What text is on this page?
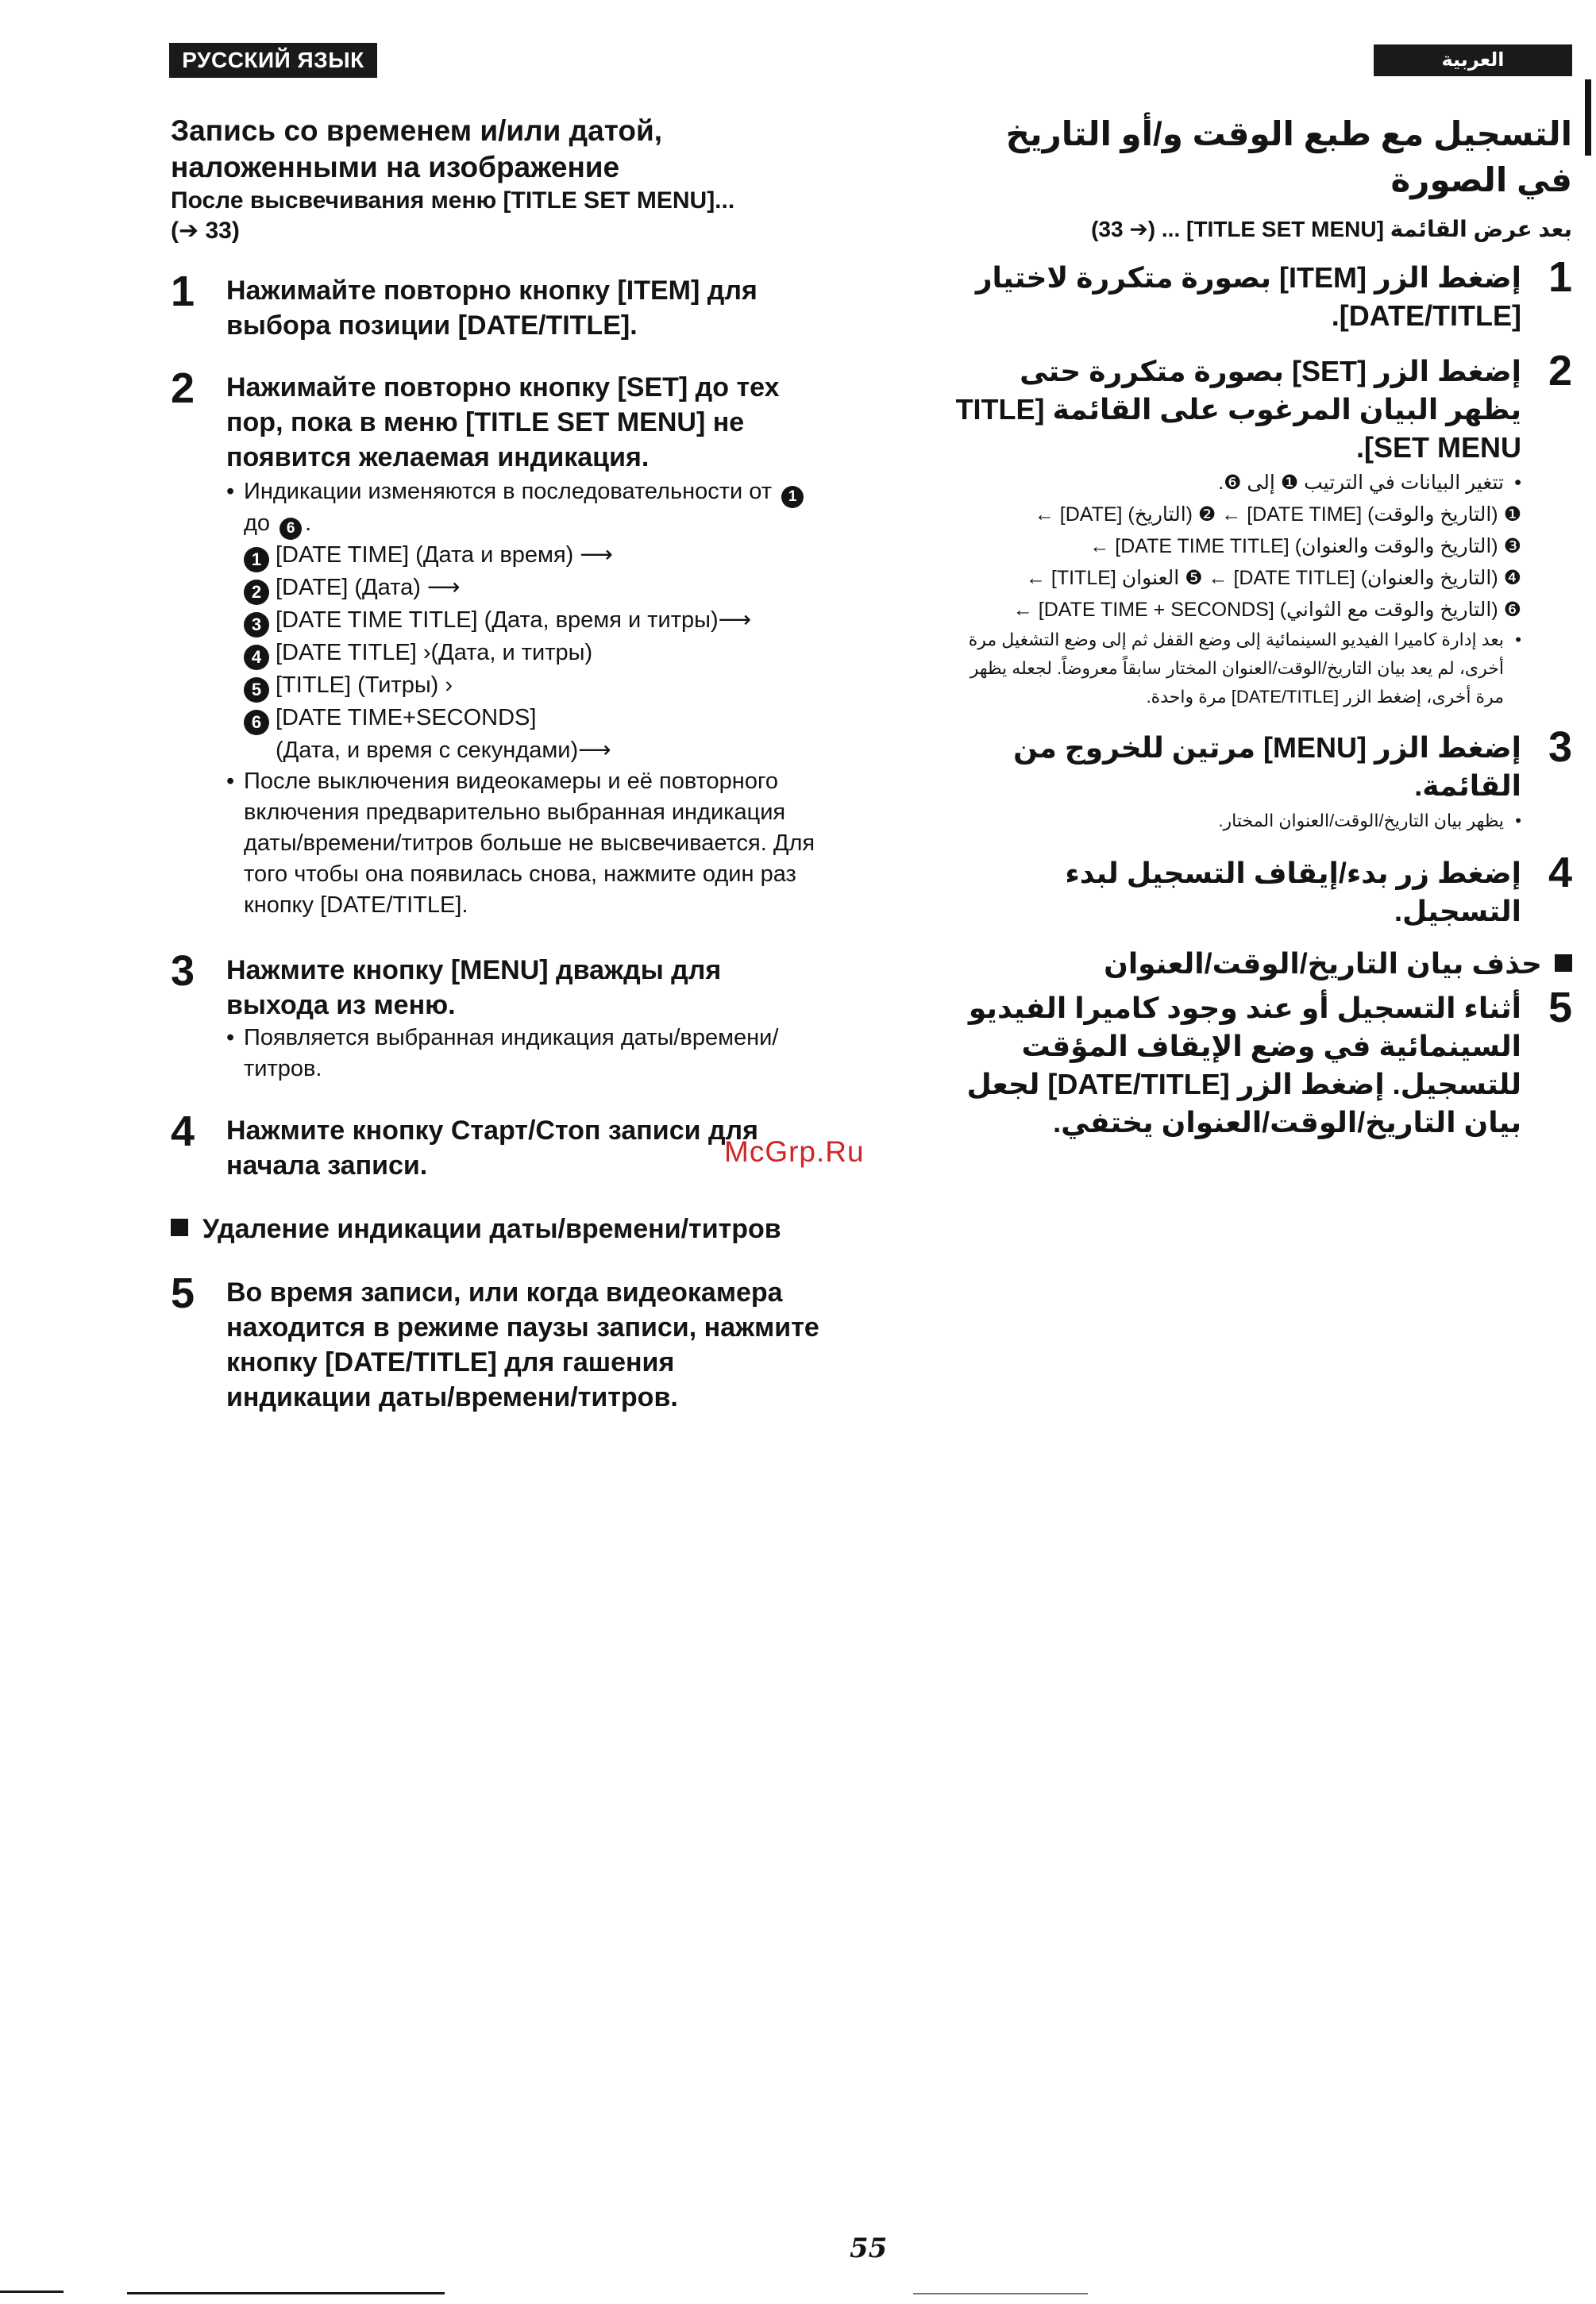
РУССКИЙ ЯЗЫК	العربية
Запись со временем и/или датой, наложенными на изображение
После высвечивания меню [TITLE SET MENU]...
(➔ 33)
1 Нажимайте повторно кнопку [ITEM] для выбора позиции [DATE/TITLE].
2 Нажимайте повторно кнопку [SET] до тех пор, пока в меню [TITLE SET MENU] не появится желаемая индикация.
• Индикации изменяются в последовательности от 1 до 6 .
1 [DATE TIME] (Дата и время) ⟶
2 [DATE] (Дата) ⟶
3 [DATE TIME TITLE] (Дата, время и титры)⟶
4 [DATE TITLE] ›(Дата, и титры)
5 [TITLE] (Титры) ›
6 [DATE TIME+SECONDS]
(Дата, и время с секундами)⟶
• После выключения видеокамеры и её повторного включения предварительно выбранная индикация даты/времени/титров больше не высвечивается. Для того чтобы она появилась снова, нажмите один раз кнопку [DATE/TITLE].
3 Нажмите кнопку [MENU] дважды для выхода из меню.
• Появляется выбранная индикация даты/времени/титров.
4 Нажмите кнопку Старт/Стоп записи для начала записи.
Удаление индикации даты/времени/титров
5 Во время записи, или когда видеокамера находится в режиме паузы записи, нажмите кнопку [DATE/TITLE] для гашения индикации даты/времени/титров.
التسجيل مع طبع الوقت و/أو التاريخ في الصورة
بعد عرض القائمة [TITLE SET MENU] ... (➔ 33)
1
إضغط الزر [ITEM] بصورة متكررة لاختيار [DATE/TITLE].
2
إضغط الزر [SET] بصورة متكررة حتى يظهر البيان المرغوب على القائمة [TITLE SET MENU].
• تتغير البيانات في الترتيب ❶ إلى ❻.
❶ (التاريخ والوقت) [DATE TIME] ← ❷ (التاريخ) [DATE] ←
❸ (التاريخ والوقت والعنوان) [DATE TIME TITLE] ←
❹ (التاريخ والعنوان) [DATE TITLE] ← ❺ العنوان [TITLE] ←
❻ (التاريخ والوقت مع الثواني) [DATE TIME + SECONDS] ←
• بعد إدارة كاميرا الفيديو السينمائية إلى وضع القفل ثم إلى وضع التشغيل مرة أخرى، لم يعد بيان التاريخ/الوقت/العنوان المختار سابقاً معروضاً. لجعله يظهر مرة أخرى، إضغط الزر [DATE/TITLE] مرة واحدة.
3
إضغط الزر [MENU] مرتين للخروج من القائمة.
• يظهر بيان التاريخ/الوقت/العنوان المختار.
4
إضغط زر بدء/إيقاف التسجيل لبدء التسجيل.
حذف بيان التاريخ/الوقت/العنوان
5
أثناء التسجيل أو عند وجود كاميرا الفيديو السينمائية في وضع الإيقاف المؤقت للتسجيل. إضغط الزر [DATE/TITLE] لجعل بيان التاريخ/الوقت/العنوان يختفي.
McGrp.Ru
55
